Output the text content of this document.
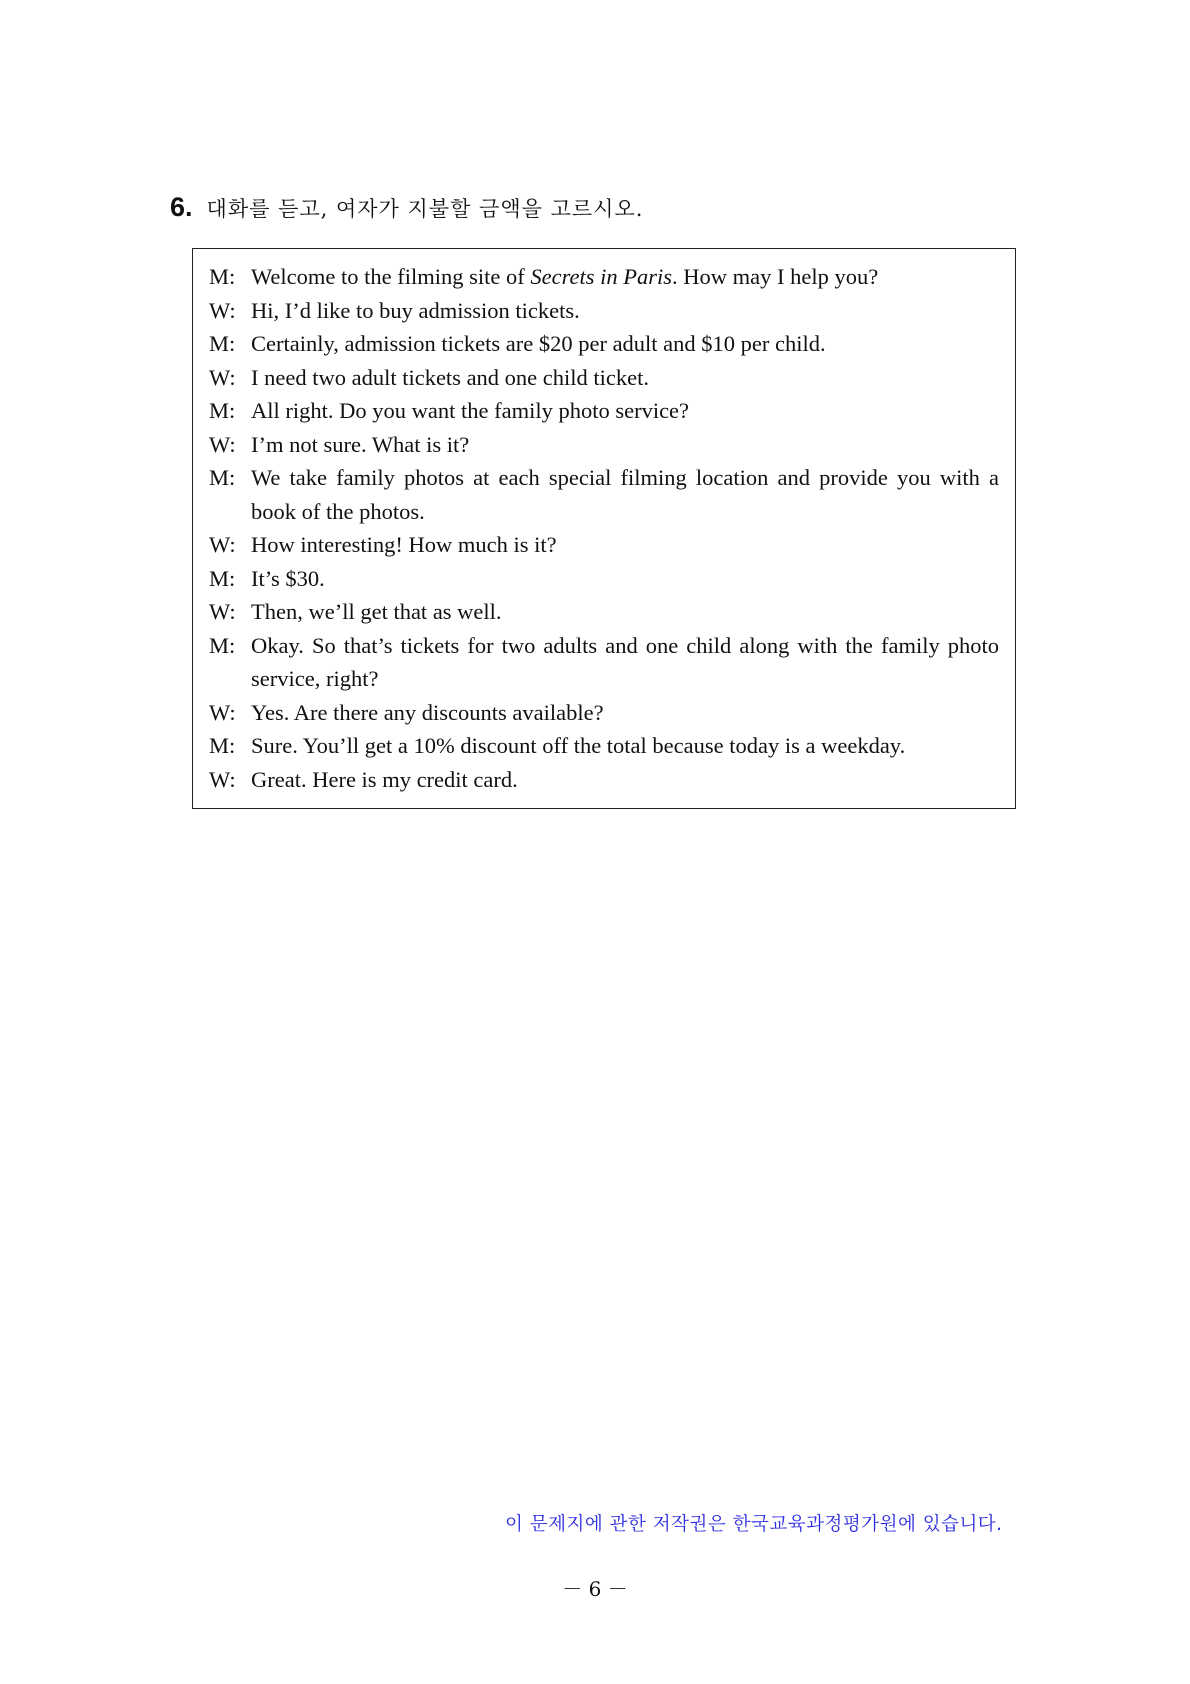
6. 대화를 듣고, 여자가 지불할 금액을 고르시오.
M: Welcome to the filming site of Secrets in Paris. How may I help you?
W: Hi, I’d like to buy admission tickets.
M: Certainly, admission tickets are $20 per adult and $10 per child.
W: I need two adult tickets and one child ticket.
M: All right. Do you want the family photo service?
W: I’m not sure. What is it?
M: We take family photos at each special filming location and provide you with a book of the photos.
W: How interesting! How much is it?
M: It’s $30.
W: Then, we’ll get that as well.
M: Okay. So that’s tickets for two adults and one child along with the family photo service, right?
W: Yes. Are there any discounts available?
M: Sure. You’ll get a 10% discount off the total because today is a weekday.
W: Great. Here is my credit card.
이 문제지에 관한 저작권은 한국교육과정평가원에 있습니다.
－ 6 －
